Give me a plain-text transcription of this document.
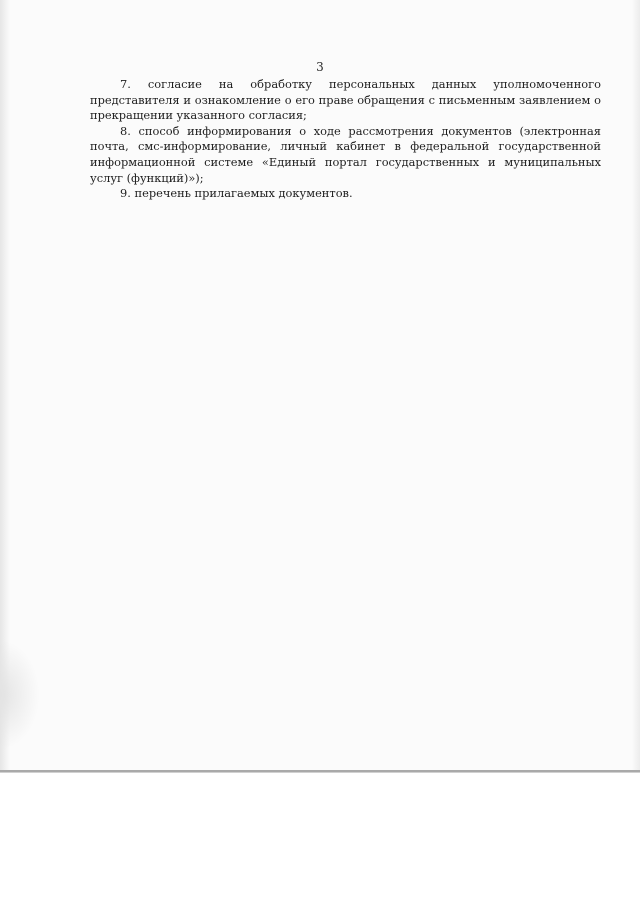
3

7. согласие на обработку персональных данных уполномоченного представителя и ознакомление о его праве обращения с письменным заявлением о прекращении указанного согласия;

8. способ информирования о ходе рассмотрения документов (электронная почта, смс-информирование, личный кабинет в федеральной государственной информационной системе «Единый портал государственных и муниципальных услуг (функций)»);

9. перечень прилагаемых документов.
